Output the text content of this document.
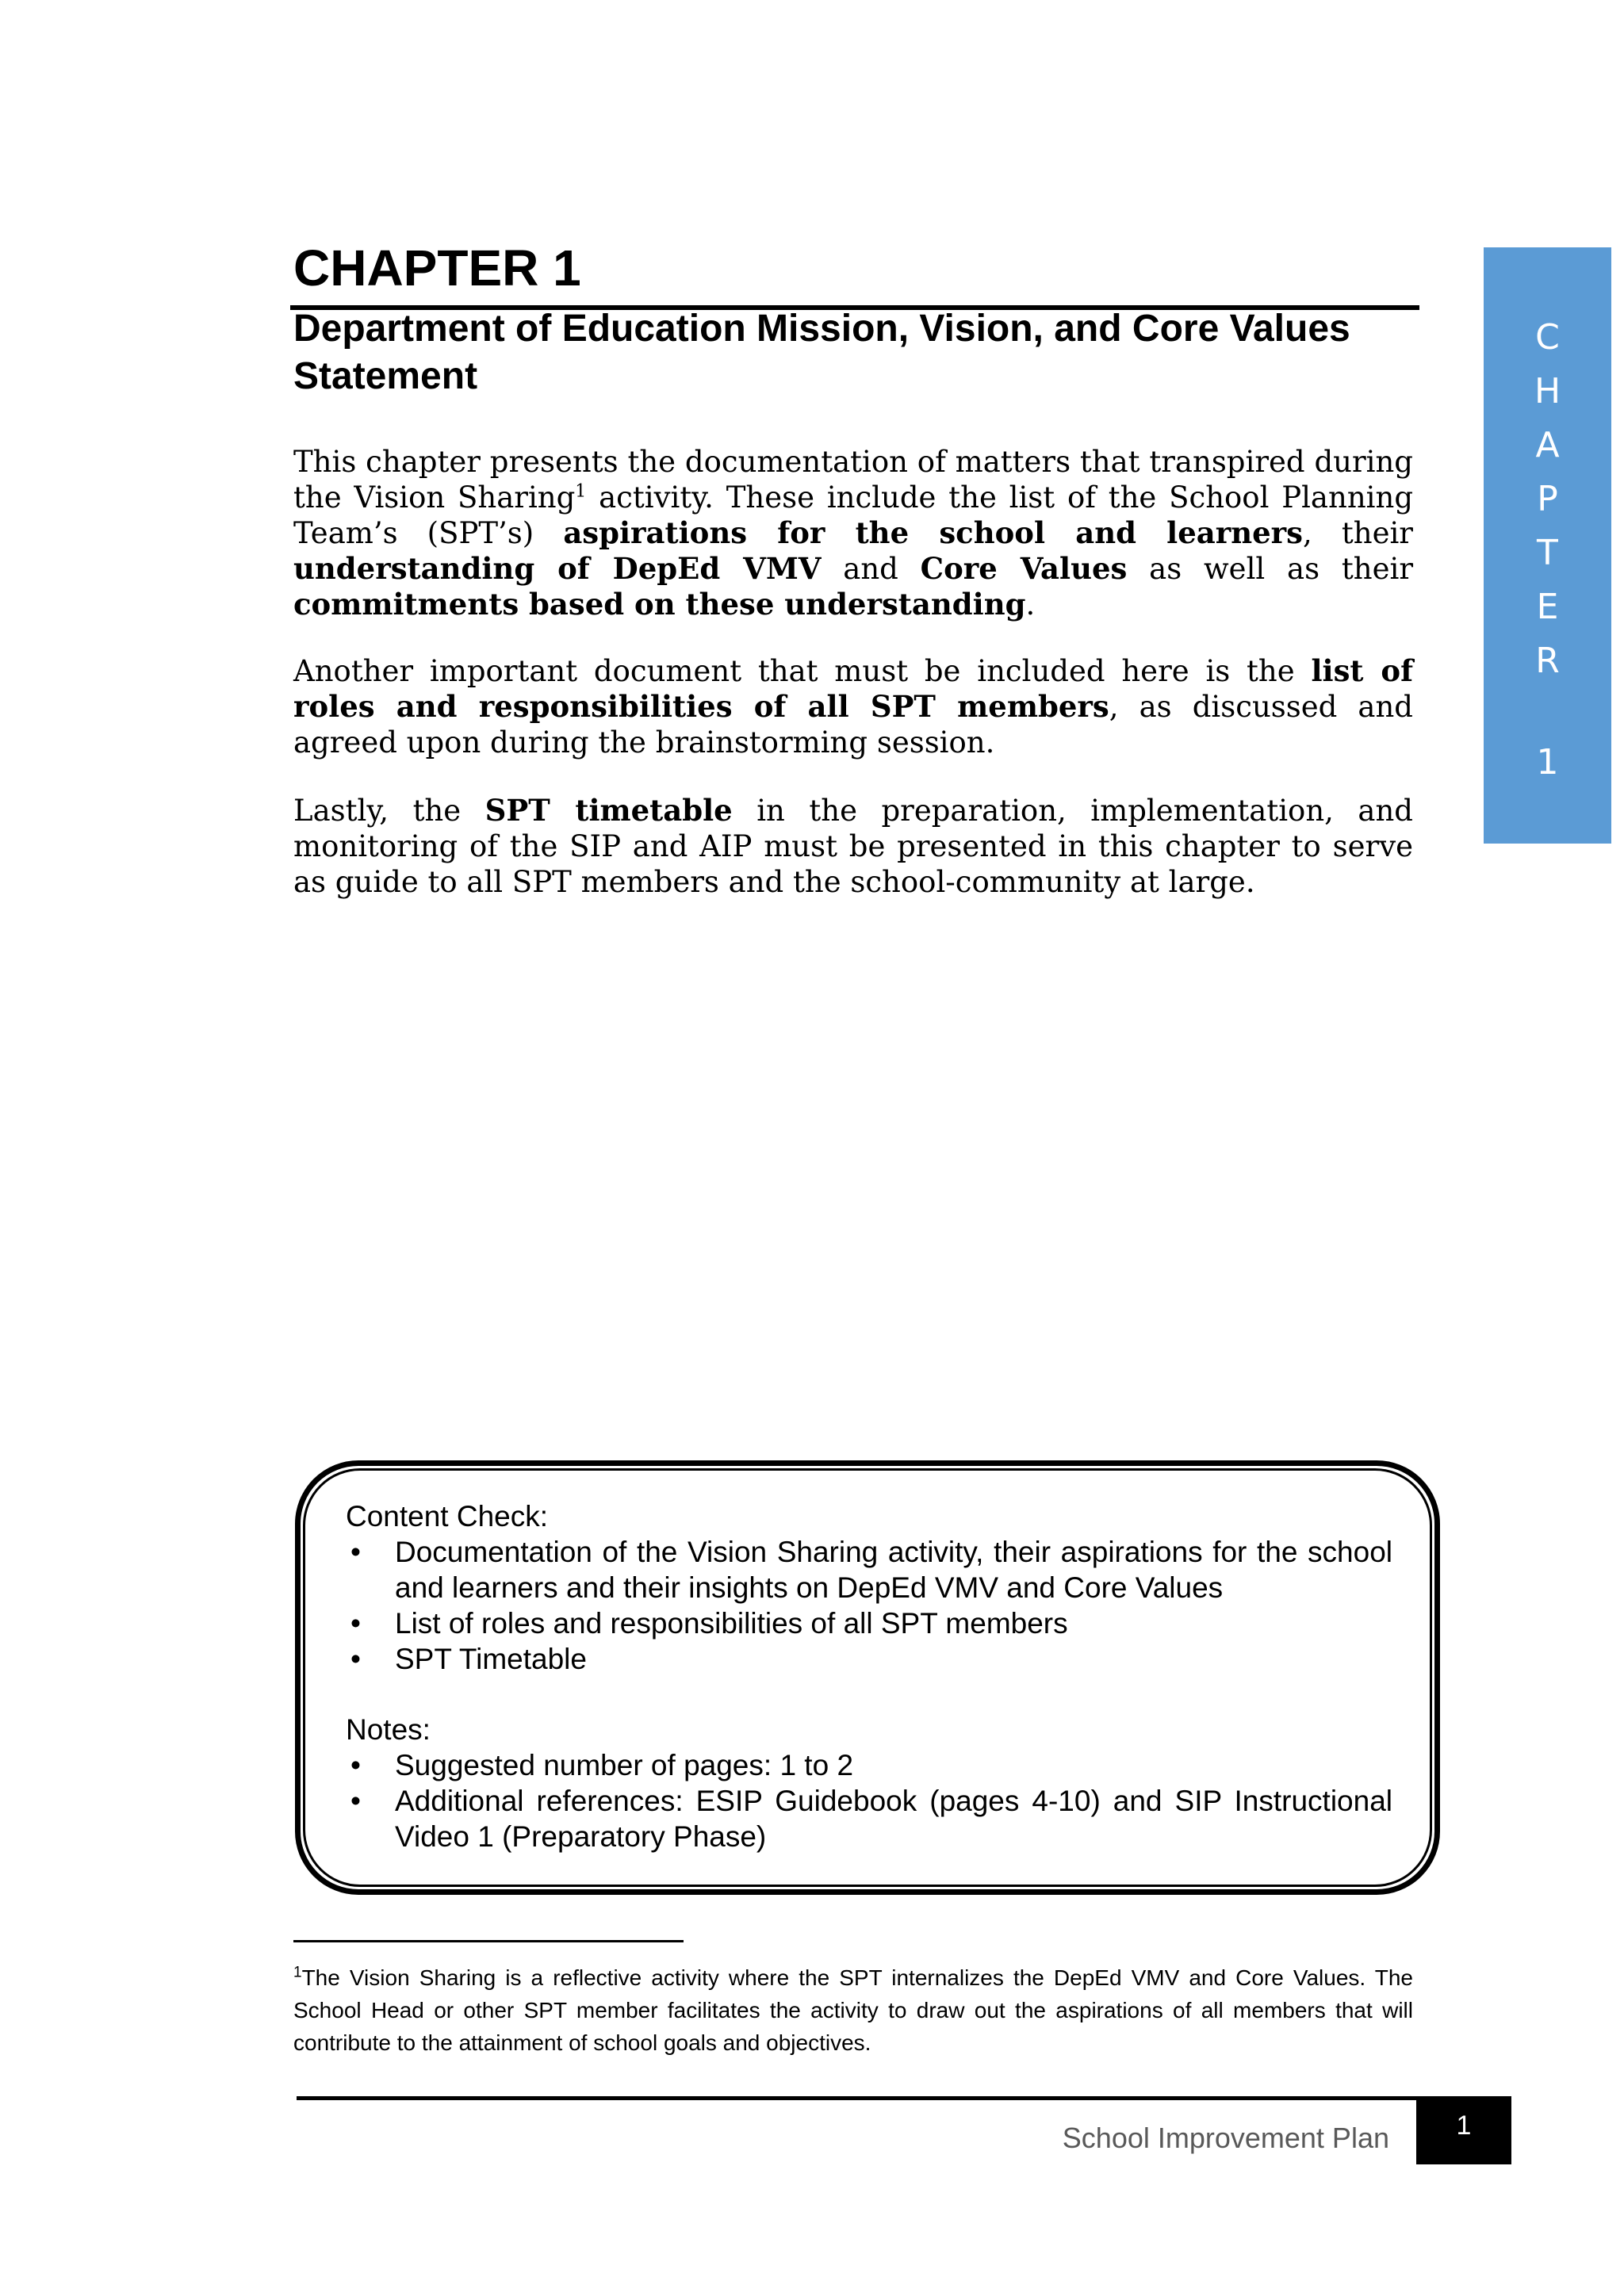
CHAPTER 1
Department of Education Mission, Vision, and Core Values Statement

This chapter presents the documentation of matters that transpired during the Vision Sharing$^1$ activity. These include the list of the School Planning Team’s (SPT’s) aspirations for the school and learners, their understanding of DepEd VMV and Core Values as well as their commitments based on these understanding.

Another important document that must be included here is the list of roles and responsibilities of all SPT members, as discussed and agreed upon during the brainstorming session.

Lastly, the SPT timetable in the preparation, implementation, and monitoring of the SIP and AIP must be presented in this chapter to serve as guide to all SPT members and the school-community at large.

C
H
A
P
T
E
R
1

Content Check:

• Documentation of the Vision Sharing activity, their aspirations for the school and learners and their insights on DepEd VMV and Core Values
• List of roles and responsibilities of all SPT members
• SPT Timetable

Notes:

• Suggested number of pages: 1 to 2
• Additional references: ESIP Guidebook (pages 4-10) and SIP Instructional Video 1 (Preparatory Phase)

$^1$The Vision Sharing is a reflective activity where the SPT internalizes the DepEd VMV and Core Values. The School Head or other SPT member facilitates the activity to draw out the aspirations of all members that will contribute to the attainment of school goals and objectives.

School Improvement Plan 1
